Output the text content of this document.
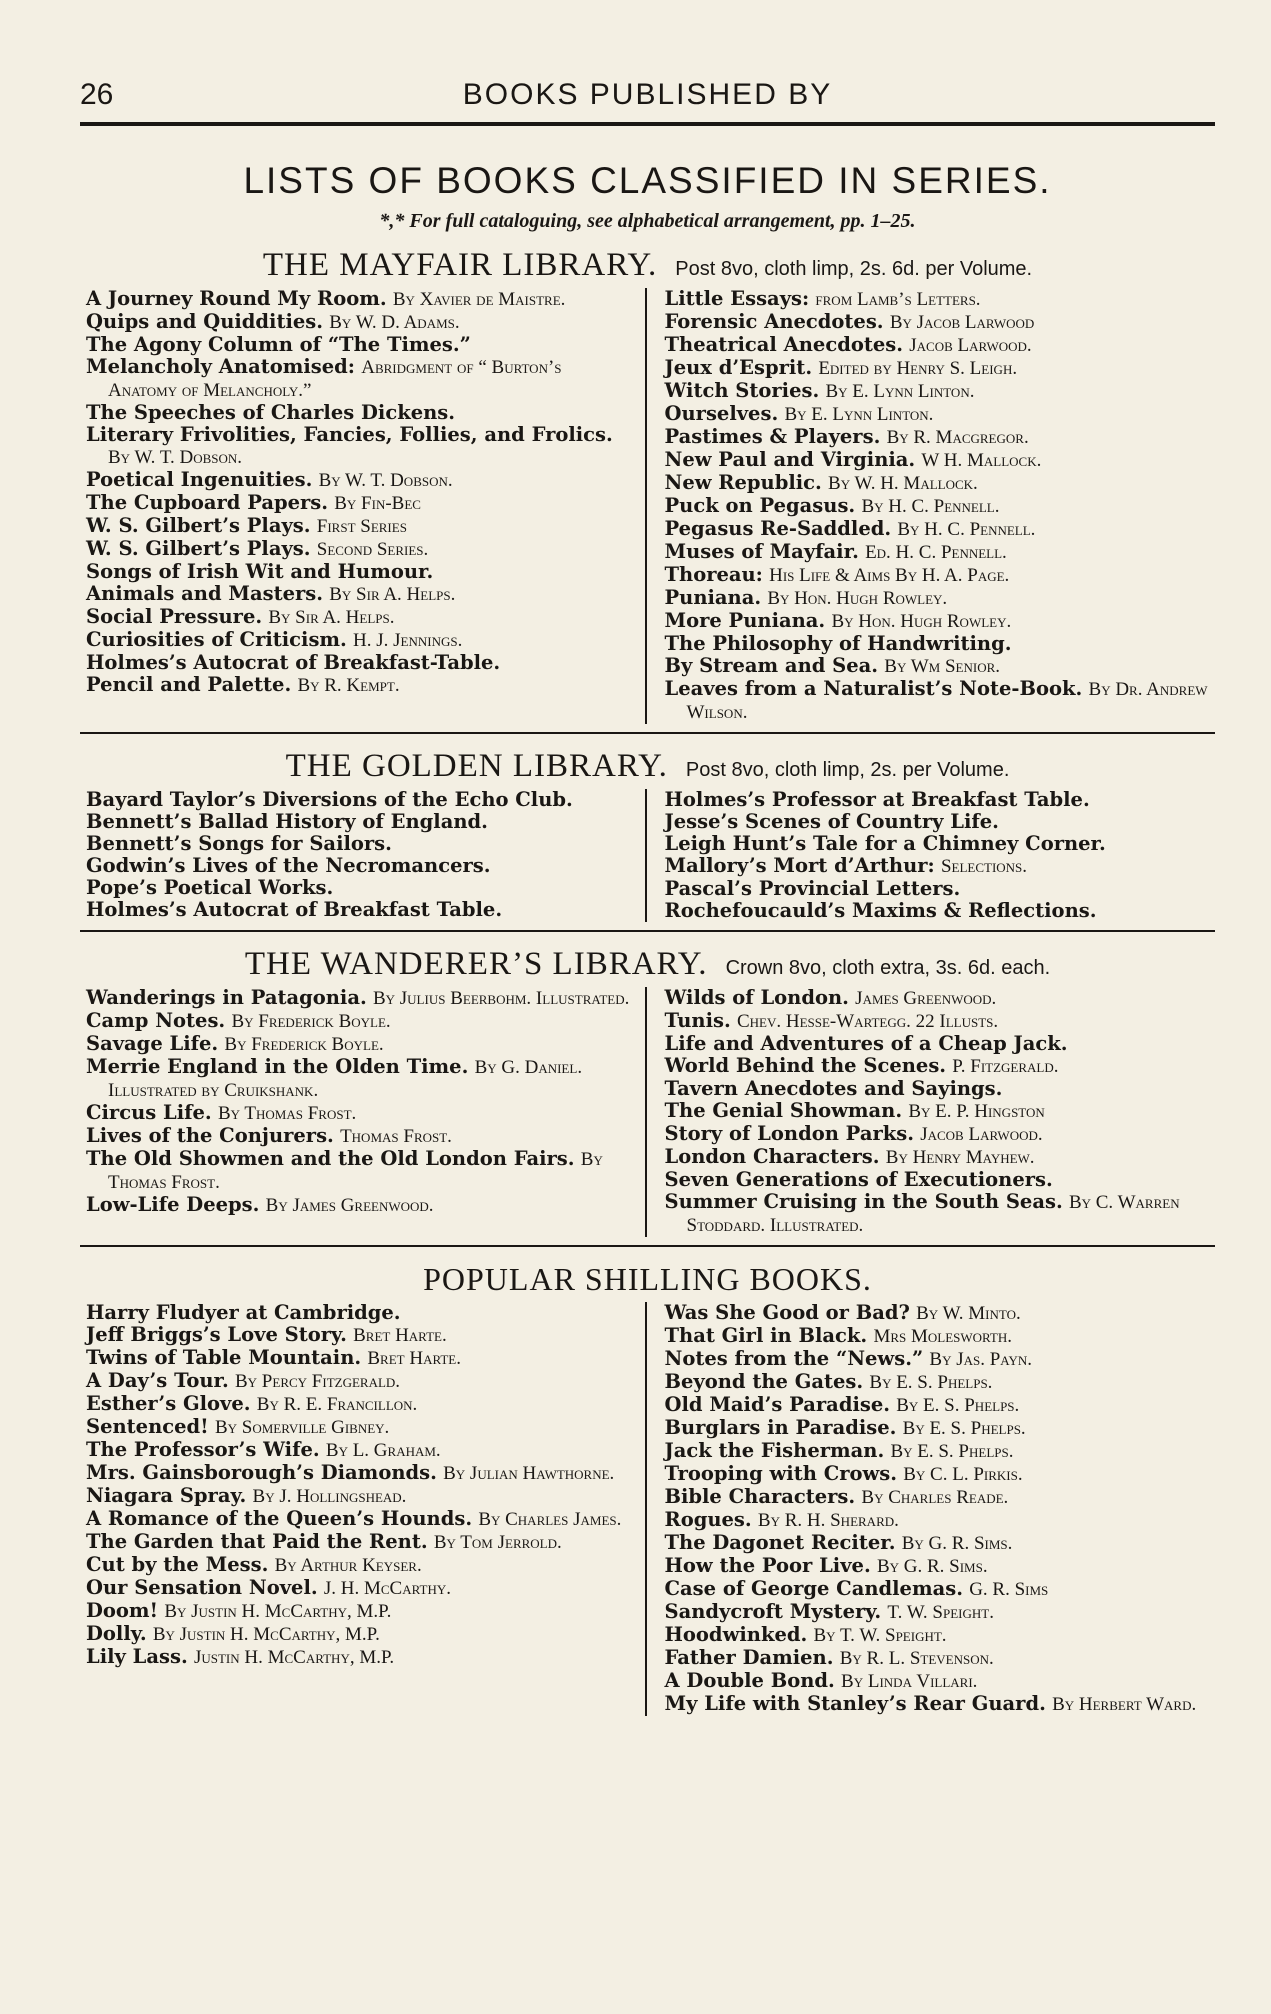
26	BOOKS PUBLISHED BY
LISTS OF BOOKS CLASSIFIED IN SERIES.
*,* For full cataloguing, see alphabetical arrangement, pp. 1–25.
THE MAYFAIR LIBRARY. Post 8vo, cloth limp, 2s. 6d. per Volume.
A Journey Round My Room. By Xavier de Maistre.
Quips and Quiddities. By W. D. Adams.
The Agony Column of “The Times.”
Melancholy Anatomised: Abridgment of “ Burton’s Anatomy of Melancholy.”
The Speeches of Charles Dickens.
Literary Frivolities, Fancies, Follies, and Frolics. By W. T. Dobson.
Poetical Ingenuities. By W. T. Dobson.
The Cupboard Papers. By Fin-Bec
W. S. Gilbert’s Plays. First Series
W. S. Gilbert’s Plays. Second Series.
Songs of Irish Wit and Humour.
Animals and Masters. By Sir A. Helps.
Social Pressure. By Sir A. Helps.
Curiosities of Criticism. H. J. Jennings.
Holmes’s Autocrat of Breakfast-Table.
Pencil and Palette. By R. Kempt.
Little Essays: from Lamb’s Letters.
Forensic Anecdotes. By Jacob Larwood
Theatrical Anecdotes. Jacob Larwood.
Jeux d’Esprit. Edited by Henry S. Leigh.
Witch Stories. By E. Lynn Linton.
Ourselves. By E. Lynn Linton.
Pastimes & Players. By R. Macgregor.
New Paul and Virginia. W H. Mallock.
New Republic. By W. H. Mallock.
Puck on Pegasus. By H. C. Pennell.
Pegasus Re-Saddled. By H. C. Pennell.
Muses of Mayfair. Ed. H. C. Pennell.
Thoreau: His Life & Aims By H. A. Page.
Puniana. By Hon. Hugh Rowley.
More Puniana. By Hon. Hugh Rowley.
The Philosophy of Handwriting.
By Stream and Sea. By Wm Senior.
Leaves from a Naturalist’s Note-Book. By Dr. Andrew Wilson.
THE GOLDEN LIBRARY. Post 8vo, cloth limp, 2s. per Volume.
Bayard Taylor’s Diversions of the Echo Club.
Bennett’s Ballad History of England.
Bennett’s Songs for Sailors.
Godwin’s Lives of the Necromancers.
Pope’s Poetical Works.
Holmes’s Autocrat of Breakfast Table.
Holmes’s Professor at Breakfast Table.
Jesse’s Scenes of Country Life.
Leigh Hunt’s Tale for a Chimney Corner.
Mallory’s Mort d’Arthur: Selections.
Pascal’s Provincial Letters.
Rochefoucauld’s Maxims & Reflections.
THE WANDERER’S LIBRARY. Crown 8vo, cloth extra, 3s. 6d. each.
Wanderings in Patagonia. By Julius Beerbohm. Illustrated.
Camp Notes. By Frederick Boyle.
Savage Life. By Frederick Boyle.
Merrie England in the Olden Time. By G. Daniel. Illustrated by Cruikshank.
Circus Life. By Thomas Frost.
Lives of the Conjurers. Thomas Frost.
The Old Showmen and the Old London Fairs. By Thomas Frost.
Low-Life Deeps. By James Greenwood.
Wilds of London. James Greenwood.
Tunis. Chev. Hesse-Wartegg. 22 Illusts.
Life and Adventures of a Cheap Jack.
World Behind the Scenes. P. Fitzgerald.
Tavern Anecdotes and Sayings.
The Genial Showman. By E. P. Hingston
Story of London Parks. Jacob Larwood.
London Characters. By Henry Mayhew.
Seven Generations of Executioners.
Summer Cruising in the South Seas. By C. Warren Stoddard. Illustrated.
POPULAR SHILLING BOOKS.
Harry Fludyer at Cambridge.
Jeff Briggs’s Love Story. Bret Harte.
Twins of Table Mountain. Bret Harte.
A Day’s Tour. By Percy Fitzgerald.
Esther’s Glove. By R. E. Francillon.
Sentenced! By Somerville Gibney.
The Professor’s Wife. By L. Graham.
Mrs. Gainsborough’s Diamonds. By Julian Hawthorne.
Niagara Spray. By J. Hollingshead.
A Romance of the Queen’s Hounds. By Charles James.
The Garden that Paid the Rent. By Tom Jerrold.
Cut by the Mess. By Arthur Keyser.
Our Sensation Novel. J. H. McCarthy.
Doom! By Justin H. McCarthy, M.P.
Dolly. By Justin H. McCarthy, M.P.
Lily Lass. Justin H. McCarthy, M.P.
Was She Good or Bad? By W. Minto.
That Girl in Black. Mrs Molesworth.
Notes from the “News.” By Jas. Payn.
Beyond the Gates. By E. S. Phelps.
Old Maid’s Paradise. By E. S. Phelps.
Burglars in Paradise. By E. S. Phelps.
Jack the Fisherman. By E. S. Phelps.
Trooping with Crows. By C. L. Pirkis.
Bible Characters. By Charles Reade.
Rogues. By R. H. Sherard.
The Dagonet Reciter. By G. R. Sims.
How the Poor Live. By G. R. Sims.
Case of George Candlemas. G. R. Sims
Sandycroft Mystery. T. W. Speight.
Hoodwinked. By T. W. Speight.
Father Damien. By R. L. Stevenson.
A Double Bond. By Linda Villari.
My Life with Stanley’s Rear Guard. By Herbert Ward.
